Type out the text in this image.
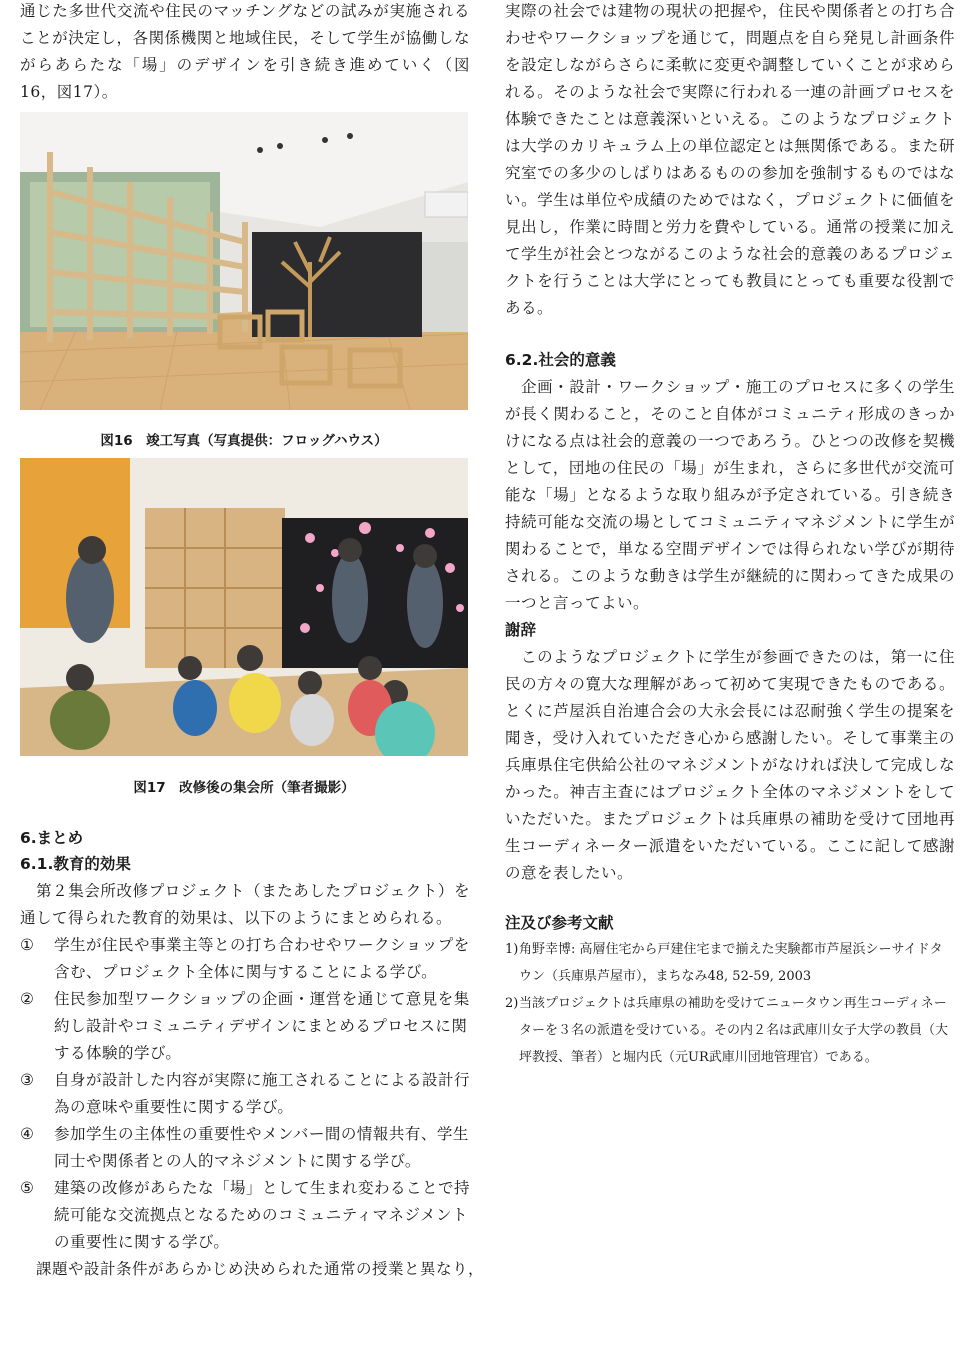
通じた多世代交流や住民のマッチングなどの試みが実施されることが決定し，各関係機関と地域住民，そして学生が協働しながらあらたな「場」のデザインを引き続き進めていく（図16，図17）。

図16　竣工写真（写真提供：フロッグハウス）

図17　改修後の集会所（筆者撮影）

6.まとめ
6.1.教育的効果

第２集会所改修プロジェクト（またあしたプロジェクト）を通して得られた教育的効果は、以下のようにまとめられる。

① 学生が住民や事業主等との打ち合わせやワークショップを含む、プロジェクト全体に関与することによる学び。
② 住民参加型ワークショップの企画・運営を通じて意見を集約し設計やコミュニティデザインにまとめるプロセスに関する体験的学び。
③ 自身が設計した内容が実際に施工されることによる設計行為の意味や重要性に関する学び。
④ 参加学生の主体性の重要性やメンバー間の情報共有、学生同士や関係者との人的マネジメントに関する学び。
⑤ 建築の改修があらたな「場」として生まれ変わることで持続可能な交流拠点となるためのコミュニティマネジメントの重要性に関する学び。

課題や設計条件があらかじめ決められた通常の授業と異なり，

実際の社会では建物の現状の把握や，住民や関係者との打ち合わせやワークショップを通じて，問題点を自ら発見し計画条件を設定しながらさらに柔軟に変更や調整していくことが求められる。そのような社会で実際に行われる一連の計画プロセスを体験できたことは意義深いといえる。このようなプロジェクトは大学のカリキュラム上の単位認定とは無関係である。また研究室での多少のしばりはあるものの参加を強制するものではない。学生は単位や成績のためではなく，プロジェクトに価値を見出し，作業に時間と労力を費やしている。通常の授業に加えて学生が社会とつながるこのような社会的意義のあるプロジェクトを行うことは大学にとっても教員にとっても重要な役割である。

6.2.社会的意義

企画・設計・ワークショップ・施工のプロセスに多くの学生が長く関わること，そのこと自体がコミュニティ形成のきっかけになる点は社会的意義の一つであろう。ひとつの改修を契機として，団地の住民の「場」が生まれ，さらに多世代が交流可能な「場」となるような取り組みが予定されている。引き続き持続可能な交流の場としてコミュニティマネジメントに学生が関わることで，単なる空間デザインでは得られない学びが期待される。このような動きは学生が継続的に関わってきた成果の一つと言ってよい。

謝辞

このようなプロジェクトに学生が参画できたのは，第一に住民の方々の寛大な理解があって初めて実現できたものである。とくに芦屋浜自治連合会の大永会長には忍耐強く学生の提案を聞き，受け入れていただき心から感謝したい。そして事業主の兵庫県住宅供給公社のマネジメントがなければ決して完成しなかった。神吉主査にはプロジェクト全体のマネジメントをしていただいた。またプロジェクトは兵庫県の補助を受けて団地再生コーディネーター派遣をいただいている。ここに記して感謝の意を表したい。

注及び参考文献
1) 角野幸博: 高層住宅から戸建住宅まで揃えた実験都市芦屋浜シーサイドタウン（兵庫県芦屋市），まちなみ48, 52-59, 2003
2) 当該プロジェクトは兵庫県の補助を受けてニュータウン再生コーディネーターを３名の派遣を受けている。その内２名は武庫川女子大学の教員（大坪教授、筆者）と堀内氏（元UR武庫川団地管理官）である。
